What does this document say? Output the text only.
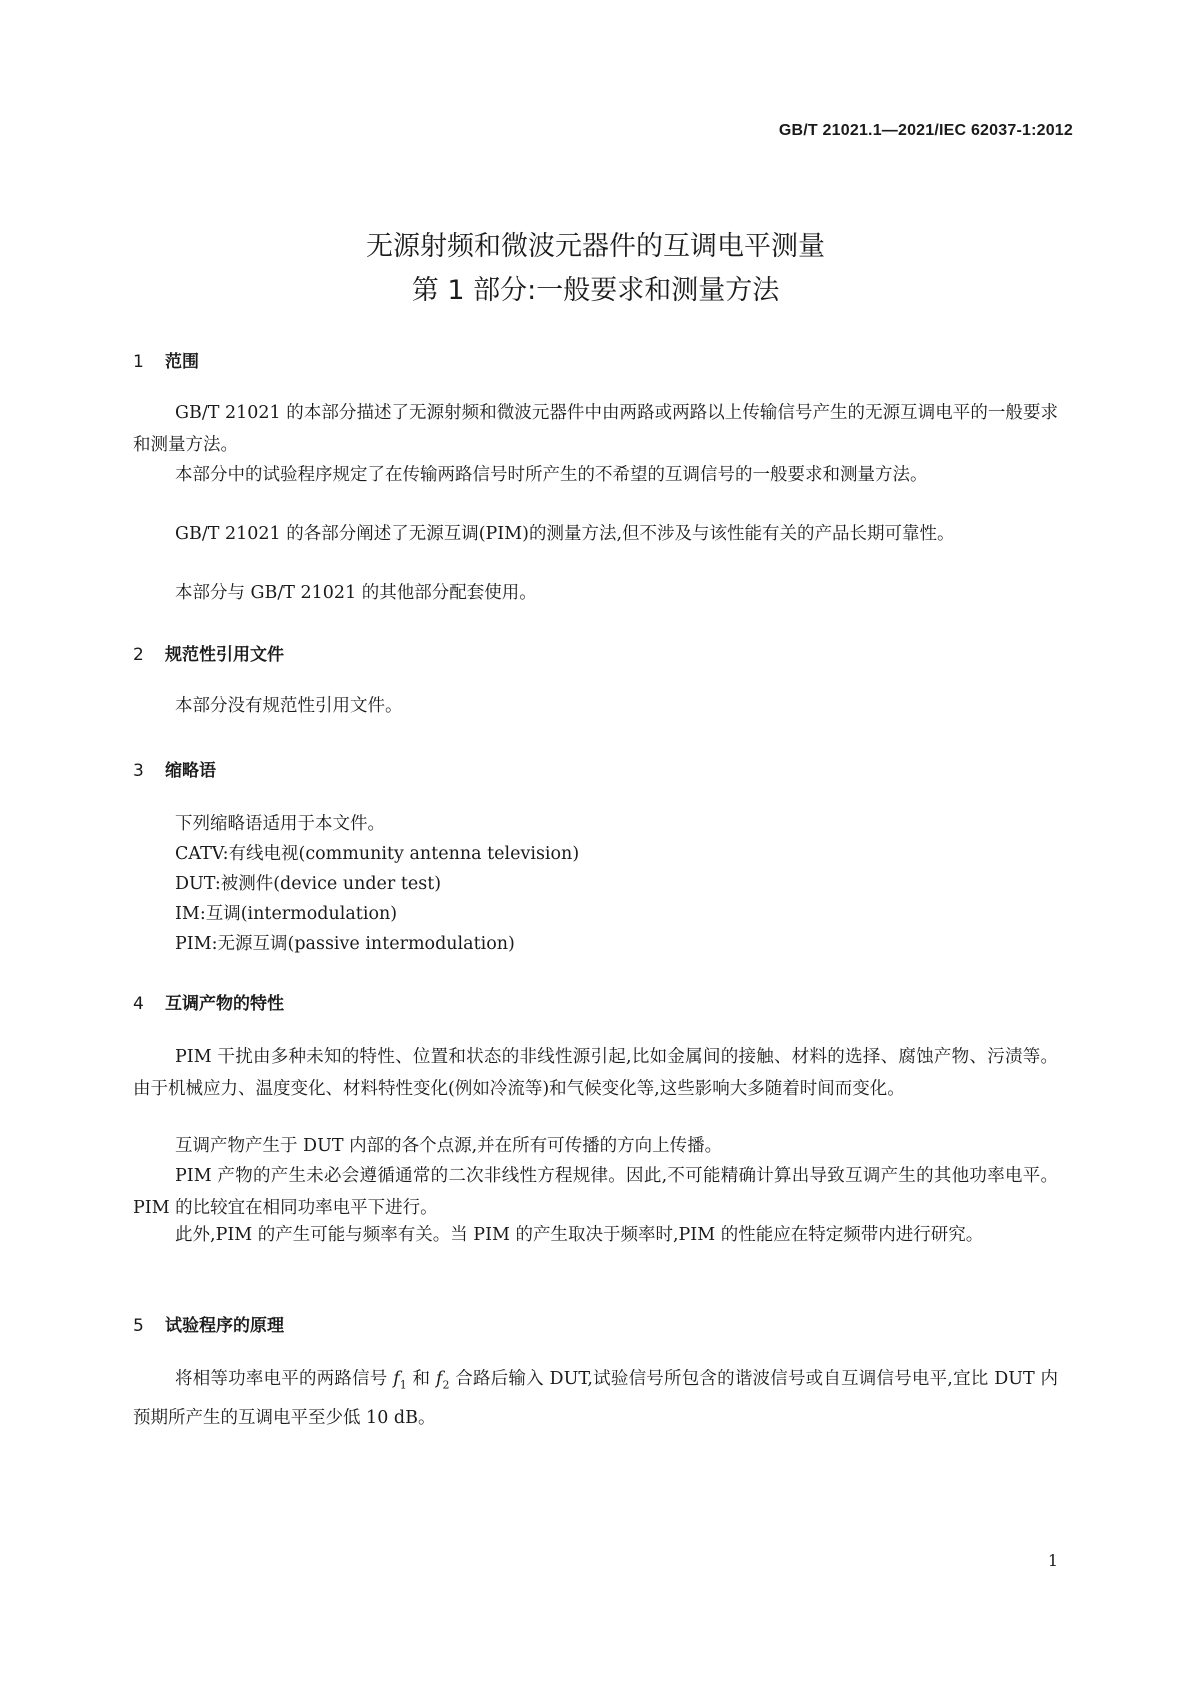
GB/T 21021.1—2021/IEC 62037-1:2012
无源射频和微波元器件的互调电平测量
第 1 部分:一般要求和测量方法
1 范围

GB/T 21021 的本部分描述了无源射频和微波元器件中由两路或两路以上传输信号产生的无源互调电平的一般要求和测量方法。

本部分中的试验程序规定了在传输两路信号时所产生的不希望的互调信号的一般要求和测量方法。

GB/T 21021 的各部分阐述了无源互调(PIM)的测量方法,但不涉及与该性能有关的产品长期可靠性。

本部分与 GB/T 21021 的其他部分配套使用。

2 规范性引用文件

本部分没有规范性引用文件。

3 缩略语

下列缩略语适用于本文件。

CATV:有线电视(community antenna television)

DUT:被测件(device under test)

IM:互调(intermodulation)

PIM:无源互调(passive intermodulation)

4 互调产物的特性

PIM 干扰由多种未知的特性、位置和状态的非线性源引起,比如金属间的接触、材料的选择、腐蚀产物、污渍等。由于机械应力、温度变化、材料特性变化(例如冷流等)和气候变化等,这些影响大多随着时间而变化。

互调产物产生于 DUT 内部的各个点源,并在所有可传播的方向上传播。

PIM 产物的产生未必会遵循通常的二次非线性方程规律。因此,不可能精确计算出导致互调产生的其他功率电平。PIM 的比较宜在相同功率电平下进行。

此外,PIM 的产生可能与频率有关。当 PIM 的产生取决于频率时,PIM 的性能应在特定频带内进行研究。

5 试验程序的原理

将相等功率电平的两路信号 $f_1$ 和 $f_2$ 合路后输入 DUT,试验信号所包含的谐波信号或自互调信号电平,宜比 DUT 内预期所产生的互调电平至少低 10 dB。

1
